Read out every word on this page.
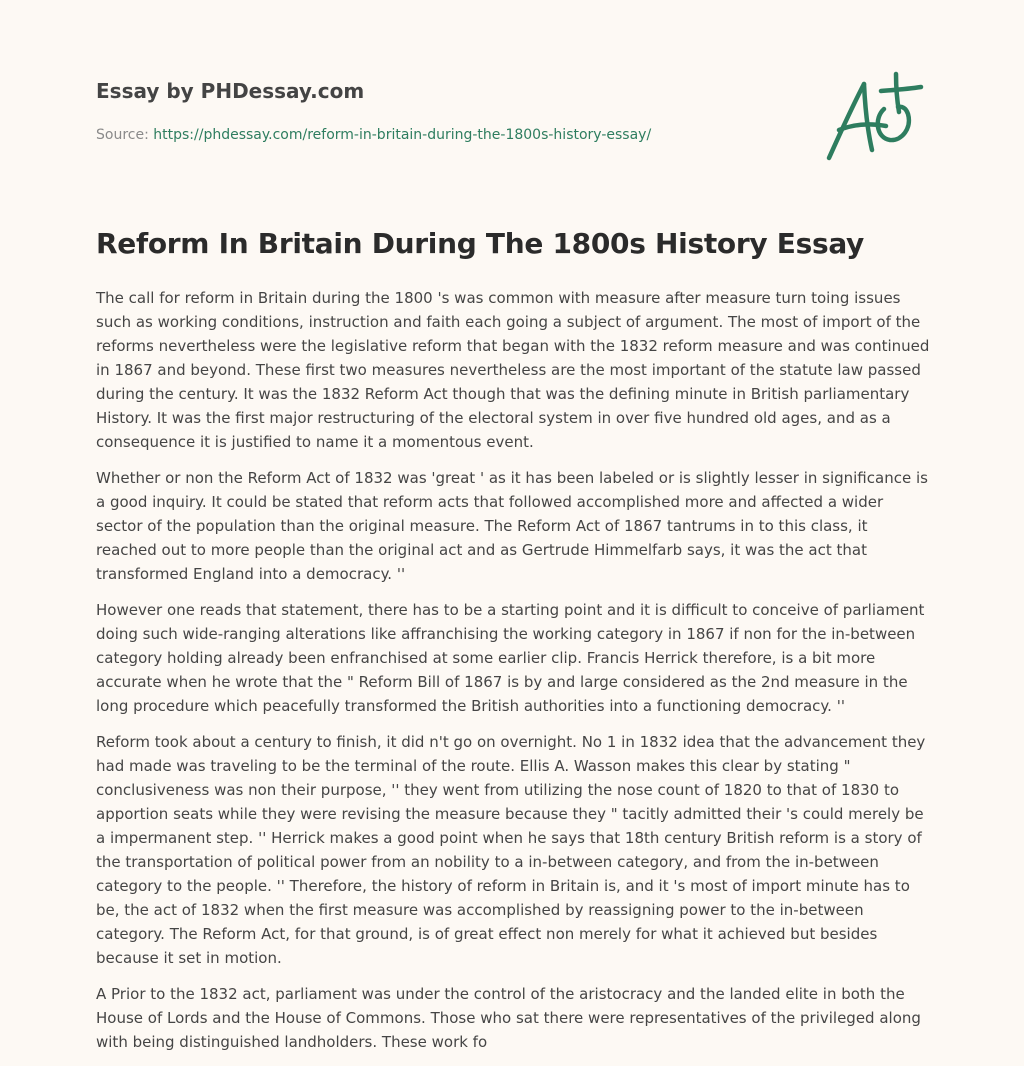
Essay by PHDessay.com
Source: https://phdessay.com/reform-in-britain-during-the-1800s-history-essay/
Reform In Britain During The 1800s History Essay

The call for reform in Britain during the 1800 's was common with measure after measure turn toing issues such as working conditions, instruction and faith each going a subject of argument. The most of import of the reforms nevertheless were the legislative reform that began with the 1832 reform measure and was continued in 1867 and beyond. These first two measures nevertheless are the most important of the statute law passed during the century. It was the 1832 Reform Act though that was the defining minute in British parliamentary History. It was the first major restructuring of the electoral system in over five hundred old ages, and as a consequence it is justified to name it a momentous event.

Whether or non the Reform Act of 1832 was 'great ' as it has been labeled or is slightly lesser in significance is a good inquiry. It could be stated that reform acts that followed accomplished more and affected a wider sector of the population than the original measure. The Reform Act of 1867 tantrums in to this class, it reached out to more people than the original act and as Gertrude Himmelfarb says, it was the act that transformed England into a democracy. ''

However one reads that statement, there has to be a starting point and it is difficult to conceive of parliament doing such wide-ranging alterations like affranchising the working category in 1867 if non for the in-between category holding already been enfranchised at some earlier clip. Francis Herrick therefore, is a bit more accurate when he wrote that the " Reform Bill of 1867 is by and large considered as the 2nd measure in the long procedure which peacefully transformed the British authorities into a functioning democracy. ''

Reform took about a century to finish, it did n't go on overnight. No 1 in 1832 idea that the advancement they had made was traveling to be the terminal of the route. Ellis A. Wasson makes this clear by stating " conclusiveness was non their purpose, '' they went from utilizing the nose count of 1820 to that of 1830 to apportion seats while they were revising the measure because they " tacitly admitted their 's could merely be a impermanent step. '' Herrick makes a good point when he says that 18th century British reform is a story of the transportation of political power from an nobility to a in-between category, and from the in-between category to the people. '' Therefore, the history of reform in Britain is, and it 's most of import minute has to be, the act of 1832 when the first measure was accomplished by reassigning power to the in-between category. The Reform Act, for that ground, is of great effect non merely for what it achieved but besides because it set in motion.

A Prior to the 1832 act, parliament was under the control of the aristocracy and the landed elite in both the House of Lords and the House of Commons. Those who sat there were representatives of the privileged along with being distinguished landholders. These work fo
